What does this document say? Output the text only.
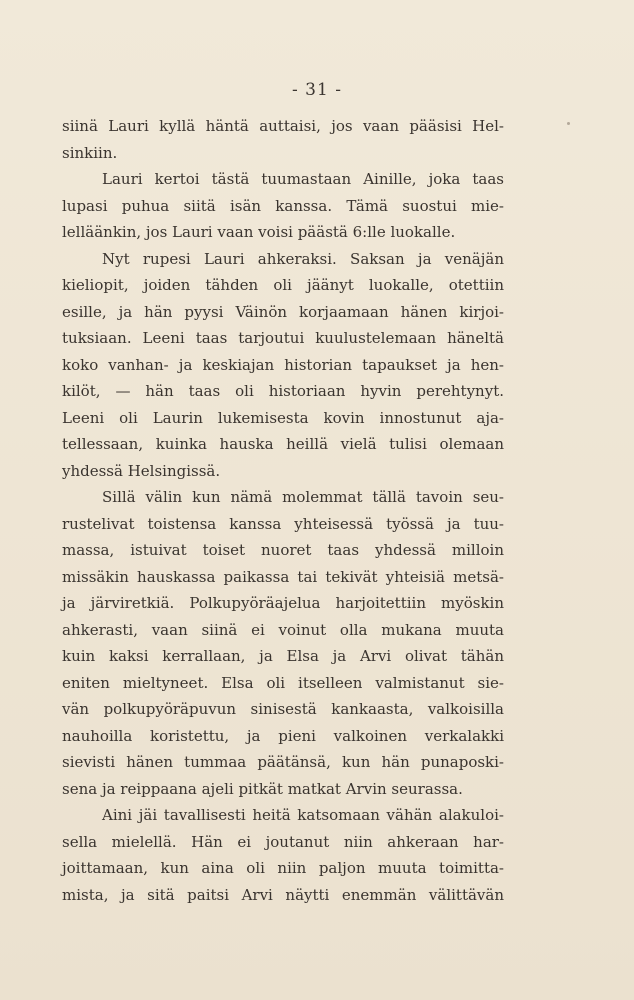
- 31 -
siinä Lauri kyllä häntä auttaisi, jos vaan pääsisi Hel-
sinkiin.
Lauri kertoi tästä tuumastaan Ainille, joka taas
lupasi puhua siitä isän kanssa. Tämä suostui mie-
lelläänkin, jos Lauri vaan voisi päästä 6:lle luokalle.
Nyt rupesi Lauri ahkeraksi. Saksan ja venäjän
kieliopit, joiden tähden oli jäänyt luokalle, otettiin
esille, ja hän pyysi Väinön korjaamaan hänen kirjoi-
tuksiaan. Leeni taas tarjoutui kuulustelemaan häneltä
koko vanhan- ja keskiajan historian tapaukset ja hen-
kilöt, — hän taas oli historiaan hyvin perehtynyt.
Leeni oli Laurin lukemisesta kovin innostunut aja-
tellessaan, kuinka hauska heillä vielä tulisi olemaan
yhdessä Helsingissä.
Sillä välin kun nämä molemmat tällä tavoin seu-
rustelivat toistensa kanssa yhteisessä työssä ja tuu-
massa, istuivat toiset nuoret taas yhdessä milloin
missäkin hauskassa paikassa tai tekivät yhteisiä metsä-
ja järviretkiä. Polkupyöräajelua harjoitettiin myöskin
ahkerasti, vaan siinä ei voinut olla mukana muuta
kuin kaksi kerrallaan, ja Elsa ja Arvi olivat tähän
eniten mieltyneet. Elsa oli itselleen valmistanut sie-
vän polkupyöräpuvun sinisestä kankaasta, valkoisilla
nauhoilla koristettu, ja pieni valkoinen verkalakki
sievisti hänen tummaa päätänsä, kun hän punaposki-
sena ja reippaana ajeli pitkät matkat Arvin seurassa.
Aini jäi tavallisesti heitä katsomaan vähän alakuloi-
sella mielellä. Hän ei joutanut niin ahkeraan har-
joittamaan, kun aina oli niin paljon muuta toimitta-
mista, ja sitä paitsi Arvi näytti enemmän välittävän
